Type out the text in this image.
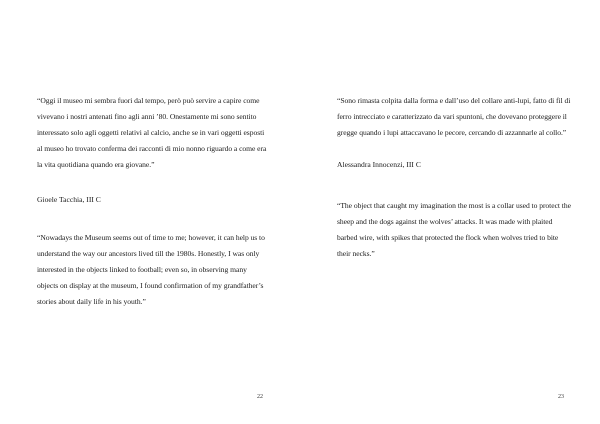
“Oggi il museo mi sembra fuori dal tempo, però può servire a capire come vivevano i nostri antenati fino agli anni ’80. Onestamente mi sono sentito interessato solo agli oggetti relativi al calcio, anche se in vari oggetti esposti al museo ho trovato conferma dei racconti di mio nonno riguardo a come era la vita quotidiana quando era giovane.”

Gioele Tacchia, III C

“Nowadays the Museum seems out of time to me; however, it can help us to understand the way our ancestors lived till the 1980s. Honestly, I was only interested in the objects linked to football; even so, in observing many objects on display at the museum, I found confirmation of my grandfather’s stories about daily life in his youth.”

22

“Sono rimasta colpita dalla forma e dall’uso del collare anti-lupi, fatto di fil di ferro intrecciato e caratterizzato da vari spuntoni, che dovevano proteggere il gregge quando i lupi attaccavano le pecore, cercando di azzannarle al collo.”

Alessandra Innocenzi, III C

“The object that caught my imagination the most is a collar used to protect the sheep and the dogs against the wolves’ attacks. It was made with plaited barbed wire, with spikes that protected the flock when wolves tried to bite their necks.”

23
